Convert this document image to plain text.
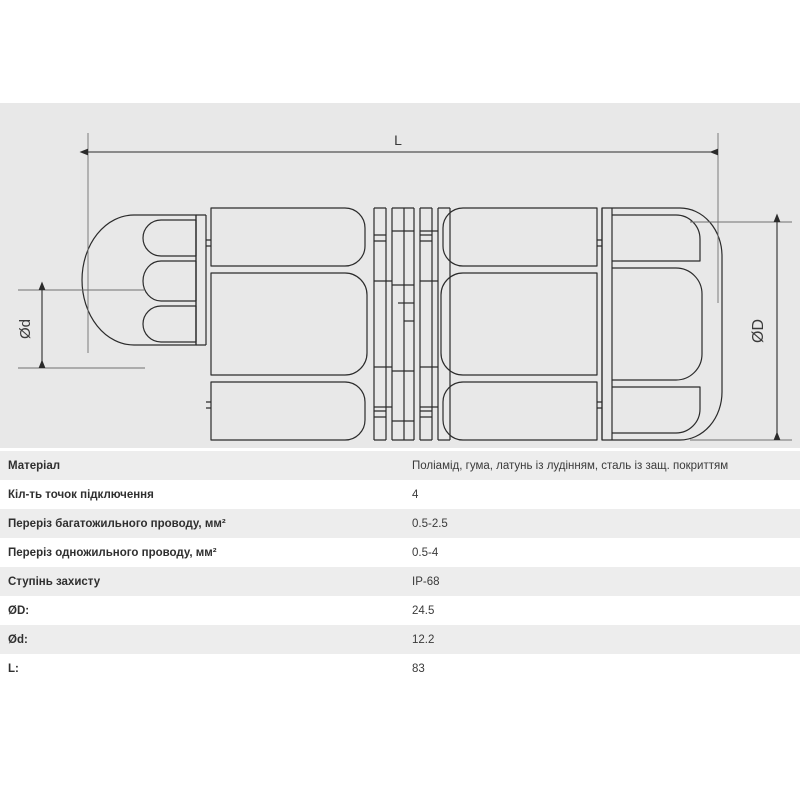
L
Ød	ØD
Матеріал	Поліамід, гума, латунь із лудінням, сталь із защ. покриттям
Кіл-ть точок підключення	4
Переріз багатожильного проводу, мм²	0.5-2.5
Переріз одножильного проводу, мм²	0.5-4
Ступінь захисту	IP-68
ØD:	24.5
Ød:	12.2
L:	83
